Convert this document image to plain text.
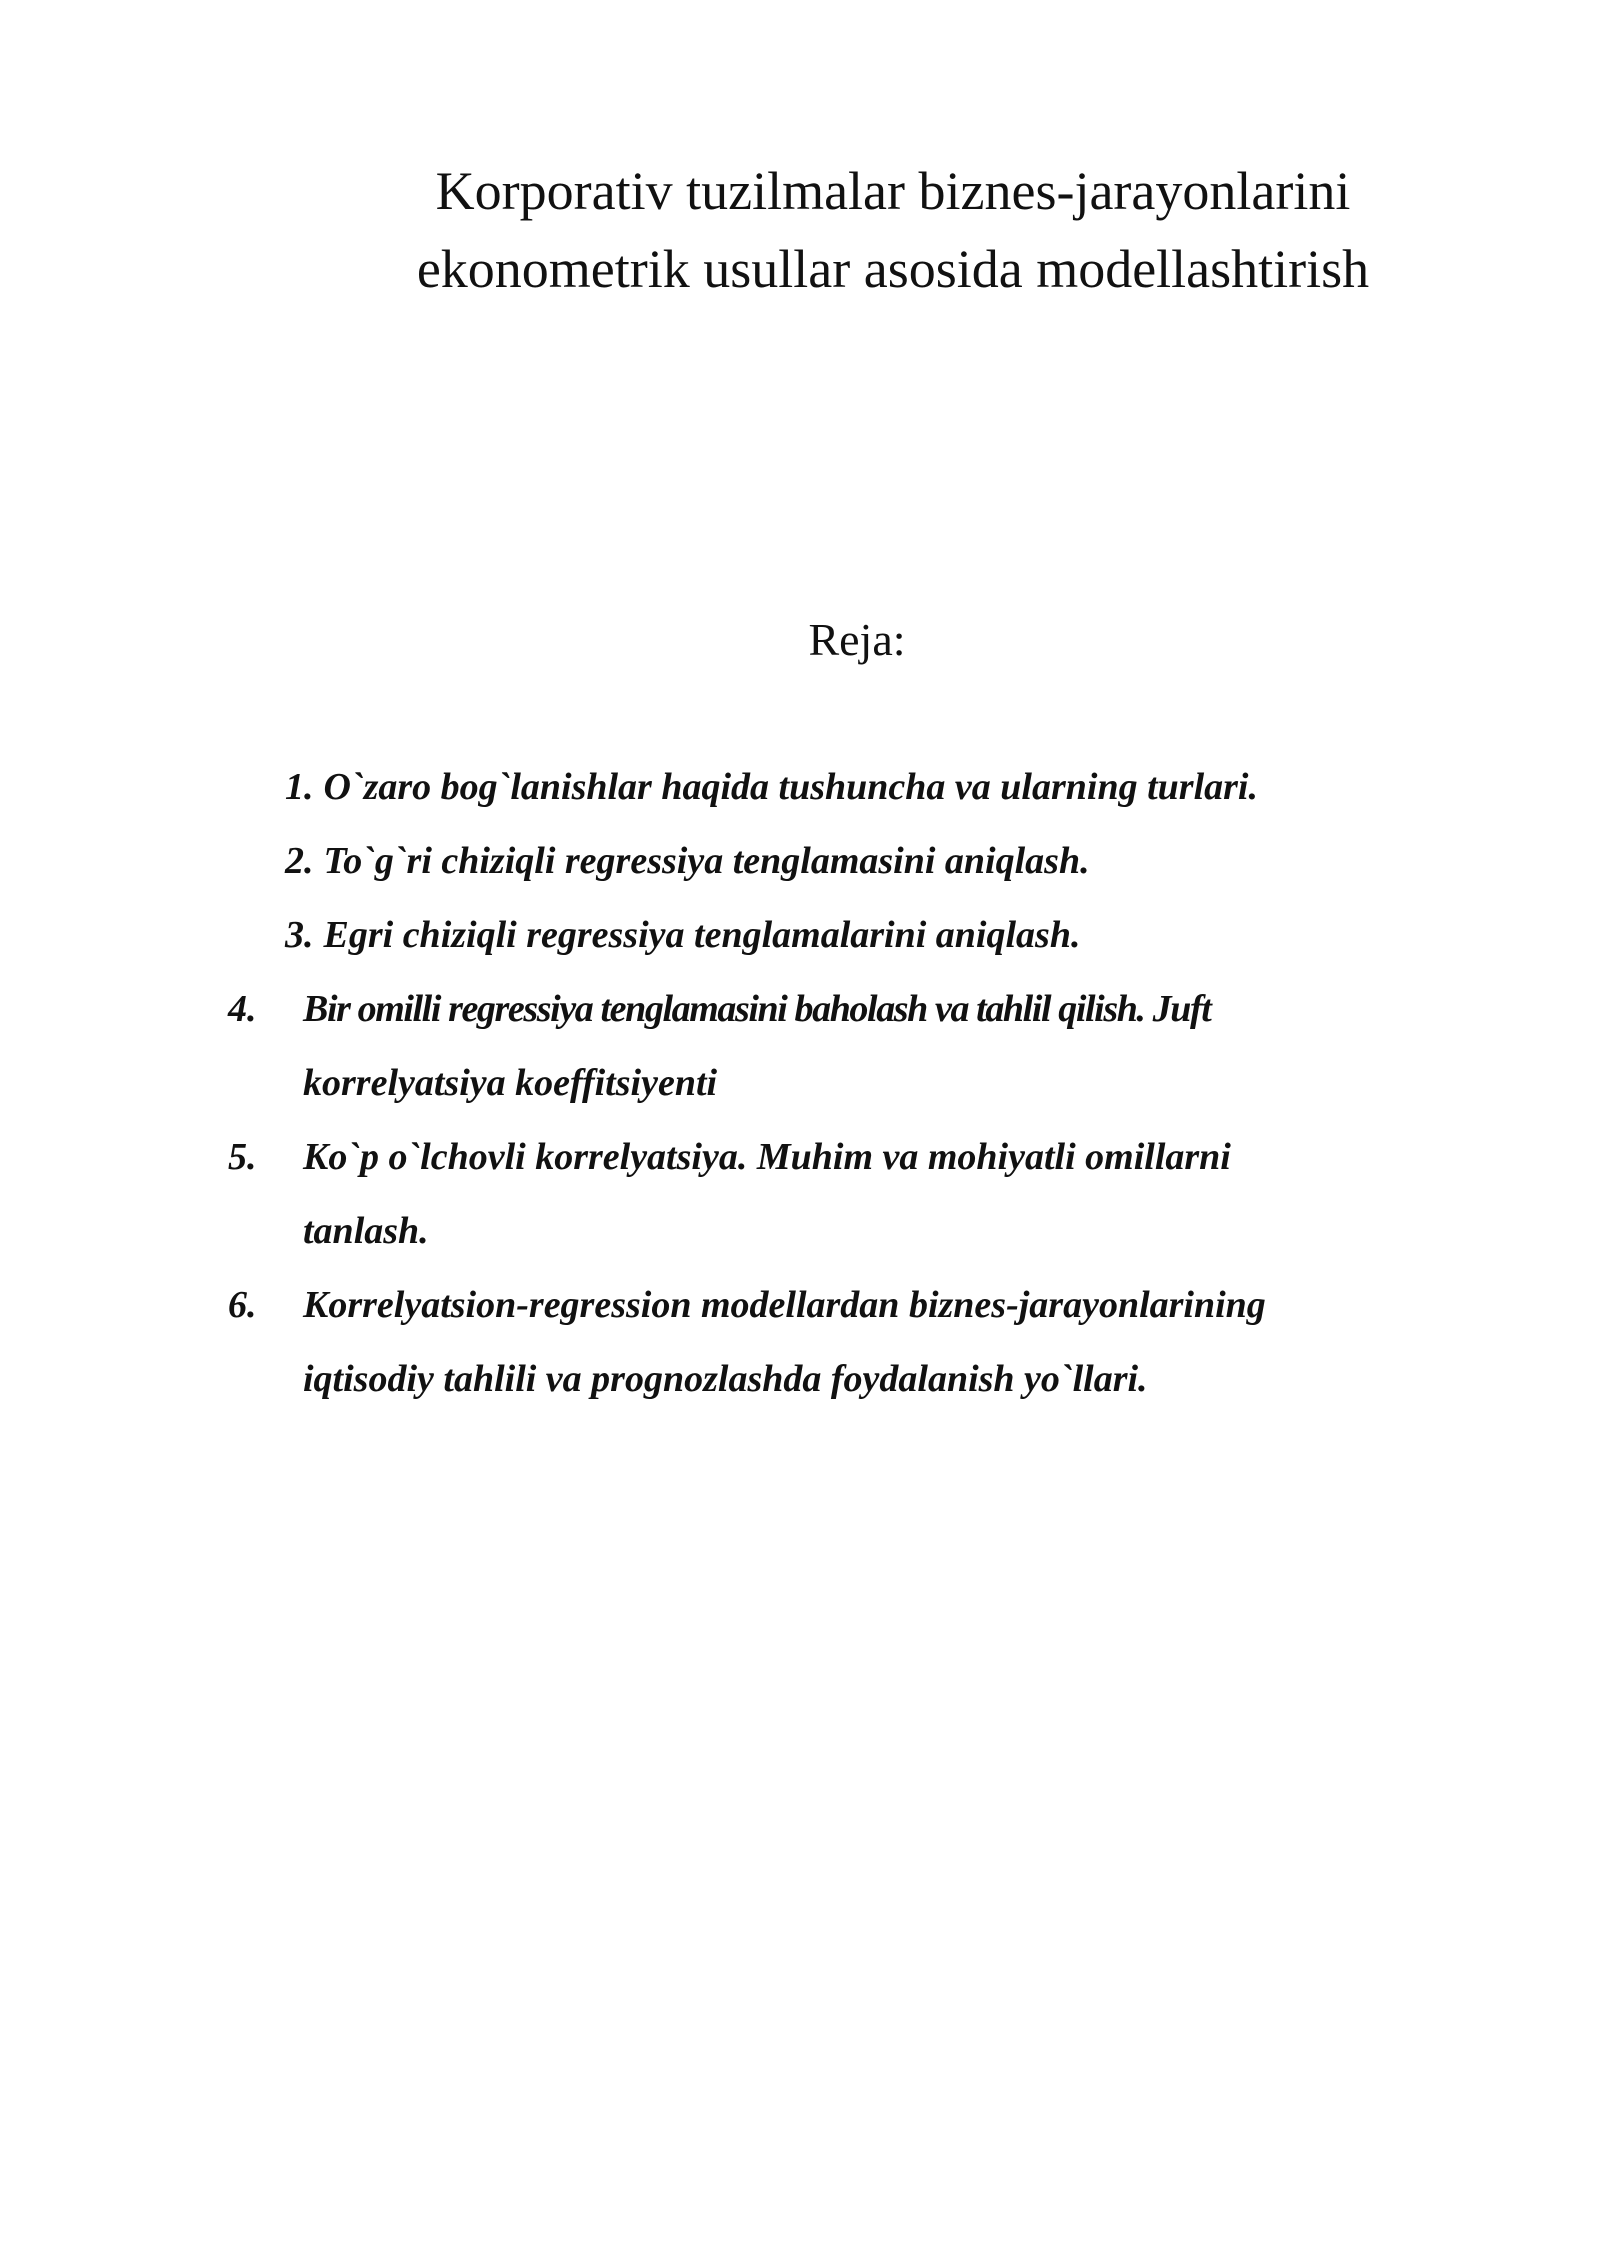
Korporativ tuzilmalar biznes-jarayonlarini
ekonometrik usullar asosida modellashtirish
Reja:
1. O`zaro bog`lanishlar haqida tushuncha va ularning turlari.
2. To`g`ri chiziqli regressiya tenglamasini aniqlash.
3. Egri chiziqli regressiya tenglamalarini aniqlash.
4. Bir omilli regressiya tenglamasini baholash va tahlil qilish. Juft
korrelyatsiya koeffitsiyenti
5. Ko`p o`lchovli korrelyatsiya. Muhim va mohiyatli omillarni
tanlash.
6. Korrelyatsion-regression modellardan biznes-jarayonlarining
iqtisodiy tahlili va prognozlashda foydalanish yo`llari.
